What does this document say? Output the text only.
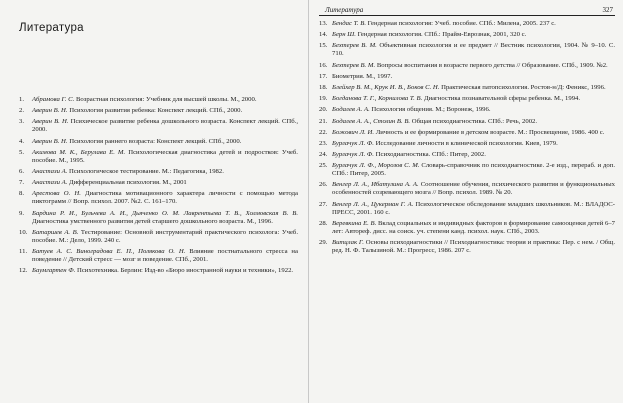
Литература
1.	Абрамова Г. С. Возрастная психология: Учебник для высшей школы. М., 2000.
2.	Аверин В. Н. Психология развития ребенка: Конспект лекций. СПб., 2000.
3.	Аверин В. Н. Психическое развитие ребенка дошкольного возраста. Конспект лекций. СПб., 2000.
4.	Аверин В. Н. Психология раннего возраста: Конспект лекций. СПб., 2000.
5.	Акимова М. К., Берулава Е. М. Психологическая диагностика детей и подростков: Учеб. пособие. М., 1995.
6.	Анастази А. Психологическое тестирование. М.: Педагогика, 1982.
7.	Анастази А. Дифференциальная психология. М., 2001
8.	Арестова О. Н. Диагностика мотивационного характера личности с помощью метода пиктограмм // Вопр. психол. 2007. №2. С. 161–170.
9.	Бардина Р. И., Бульчева А. И., Дьяченко О. М. Лаврентьева Т. В., Холмовская В. В. Диагностика умственного развития детей старшего дошкольного возраста. М., 1996.
10. Батаршев А. В. Тестирование: Основной инструментарий практического психолога: Учеб. пособие. М.: Дело, 1999. 240 с.
11. Батуев А. С. Виноградова Е. П., Полякова О. Н. Влияние постнатального стресса на поведение // Детский стресс — мозг и поведение. СПб., 2001.
12. Баумгартен Ф. Психотехника. Берлин: Изд-во «Бюро иностранной науки и техники», 1922.
Литература	327
13. Бендас Т. В. Гендерная психология: Учеб. пособие. СПб.: Милена, 2005. 237 с.
14. Берн Ш. Гендерная психология. СПб.: Прайм-Еврознак, 2001, 320 с.
15. Бехтерев В. М. Объективная психология и ее предмет // Вестник психологии, 1904. № 9–10. С. 710.
16. Бехтерев В. М. Вопросы воспитания в возрасте первого детства // Образование. СПб., 1909. №2.
17. Биометрия. М., 1997.
18. Блейхер В. М., Крук И. В., Боков С. Н. Практическая патопсихология. Ростов-н/Д: Феникс, 1996.
19. Богданова Т. Г., Корнилова Т. В. Диагностика познавательной сферы ребенка. М., 1994.
20. Бодалев А. А. Психология общения. М.; Воронеж, 1996.
21. Бодалев А. А., Столин В. В. Общая психодиагностика. СПб.: Речь, 2002.
22. Божович Л. И. Личность и ее формирование в детском возрасте. М.: Просвещение, 1986. 400 с.
23. Бурлачук Л. Ф. Исследование личности в клинической психологии. Киев, 1979.
24. Бурлачук Л. Ф. Психодиагностика. СПб.: Питер, 2002.
25. Бурлачук Л. Ф., Морозов С. М. Словарь-справочник по психодиагностике. 2-е изд., перераб. и доп. СПб.: Питер, 2005.
26. Венгер Л. А., Ибатулина А. А. Соотношение обучения, психического развития и функциональных особенностей созревающего мозга // Вопр. психол. 1989. № 20.
27. Венгер Л. А., Цукерман Г. А. Психологическое обследование младших школьников. М.: ВЛАДОС-ПРЕСС, 2001. 160 с.
28. Веревкина Е. В. Вклад социальных и индивидных факторов в формирование самооценки детей 6–7 лет: Автореф. дисс. на соиск. уч. степени канд. психол. наук. СПб., 2003.
29. Витцлак Г. Основы психодиагностики // Психодиагностика: теория и практика: Пер. с нем. / Общ. ред. Н. Ф. Талызиной. М.: Прогресс, 1986. 207 с.
